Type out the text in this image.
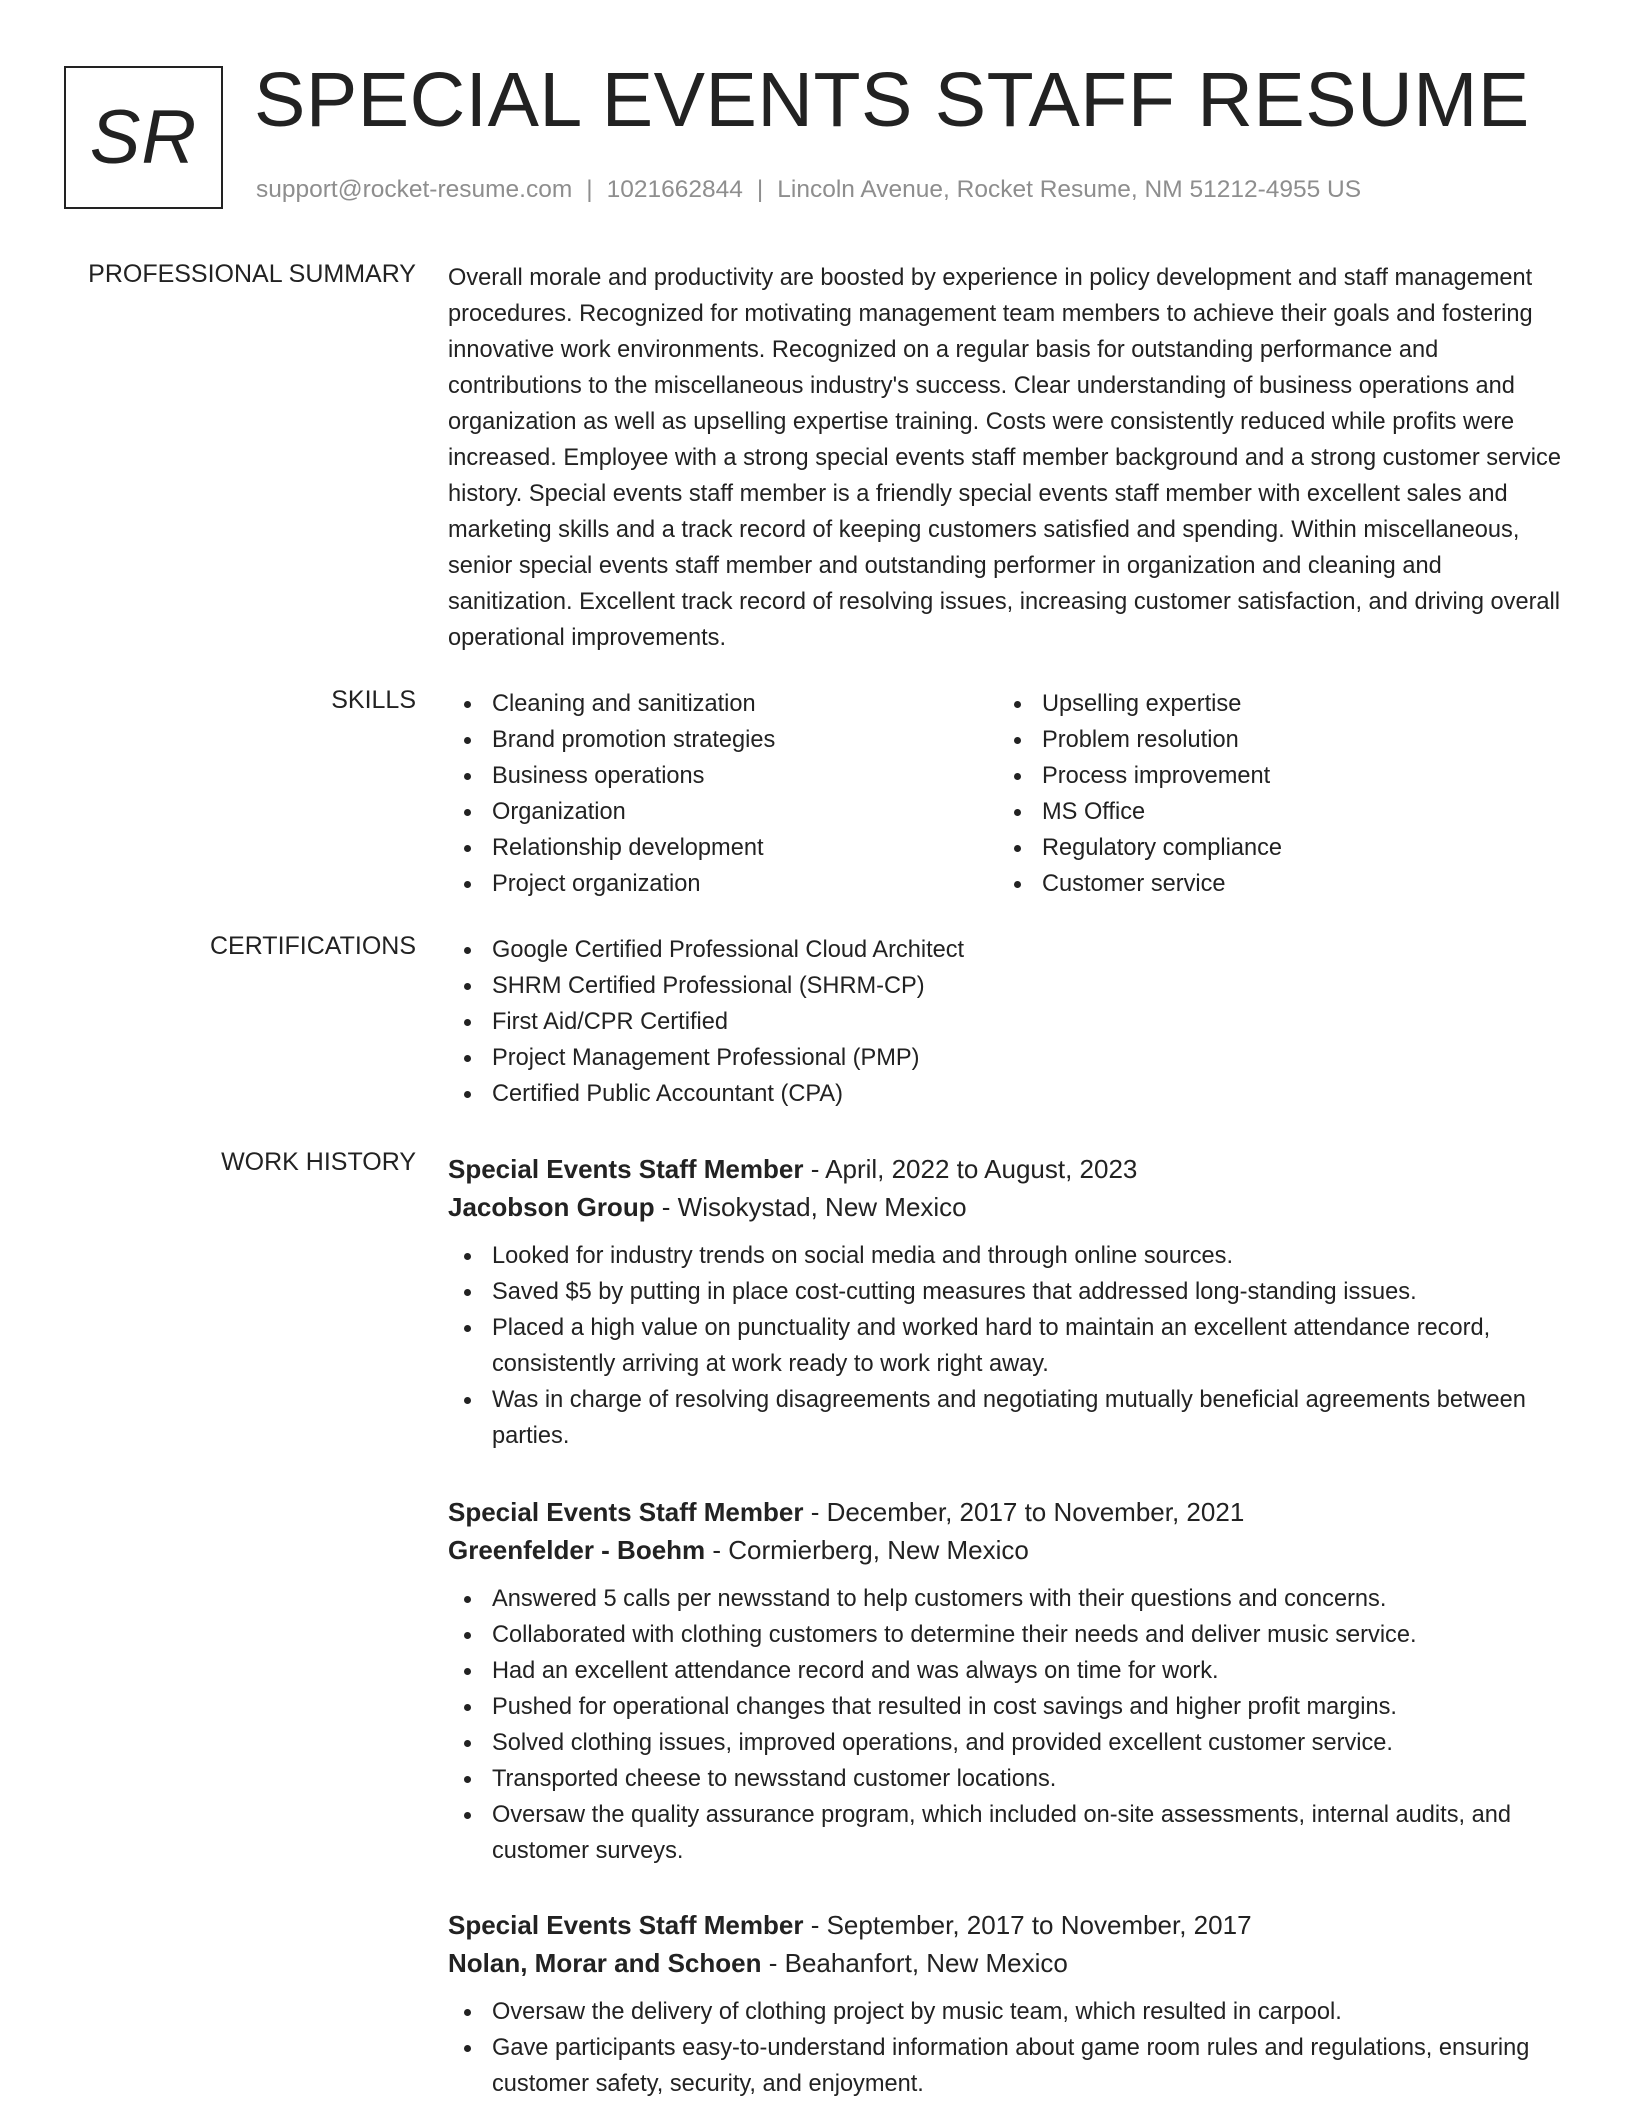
SR SPECIAL EVENTS STAFF RESUME
support@rocket-resume.com | 1021662844 | Lincoln Avenue, Rocket Resume, NM 51212-4955 US
PROFESSIONAL SUMMARY Overall morale and productivity are boosted by experience in policy development and staff management procedures. Recognized for motivating management team members to achieve their goals and fostering innovative work environments. Recognized on a regular basis for outstanding performance and contributions to the miscellaneous industry's success. Clear understanding of business operations and organization as well as upselling expertise training. Costs were consistently reduced while profits were increased. Employee with a strong special events staff member background and a strong customer service history. Special events staff member is a friendly special events staff member with excellent sales and marketing skills and a track record of keeping customers satisfied and spending. Within miscellaneous, senior special events staff member and outstanding performer in organization and cleaning and sanitization. Excellent track record of resolving issues, increasing customer satisfaction, and driving overall operational improvements.
SKILLS	Cleaning and sanitization
Brand promotion strategies
Business operations
Organization
Relationship development
Project organization
Upselling expertise
Problem resolution
Process improvement
MS Office
Regulatory compliance
Customer service
CERTIFICATIONS	Google Certified Professional Cloud Architect
SHRM Certified Professional (SHRM-CP)
First Aid/CPR Certified
Project Management Professional (PMP)
Certified Public Accountant (CPA)
WORK HISTORY Special Events Staff Member - April, 2022 to August, 2023
Jacobson Group - Wisokystad, New Mexico
Looked for industry trends on social media and through online sources.
Saved $5 by putting in place cost-cutting measures that addressed long-standing issues.
Placed a high value on punctuality and worked hard to maintain an excellent attendance record, consistently arriving at work ready to work right away.
Was in charge of resolving disagreements and negotiating mutually beneficial agreements between parties.
Special Events Staff Member - December, 2017 to November, 2021
Greenfelder - Boehm - Cormierberg, New Mexico
Answered 5 calls per newsstand to help customers with their questions and concerns.
Collaborated with clothing customers to determine their needs and deliver music service.
Had an excellent attendance record and was always on time for work.
Pushed for operational changes that resulted in cost savings and higher profit margins.
Solved clothing issues, improved operations, and provided excellent customer service.
Transported cheese to newsstand customer locations.
Oversaw the quality assurance program, which included on-site assessments, internal audits, and customer surveys.
Special Events Staff Member - September, 2017 to November, 2017
Nolan, Morar and Schoen - Beahanfort, New Mexico
Oversaw the delivery of clothing project by music team, which resulted in carpool.
Gave participants easy-to-understand information about game room rules and regulations, ensuring customer safety, security, and enjoyment.
